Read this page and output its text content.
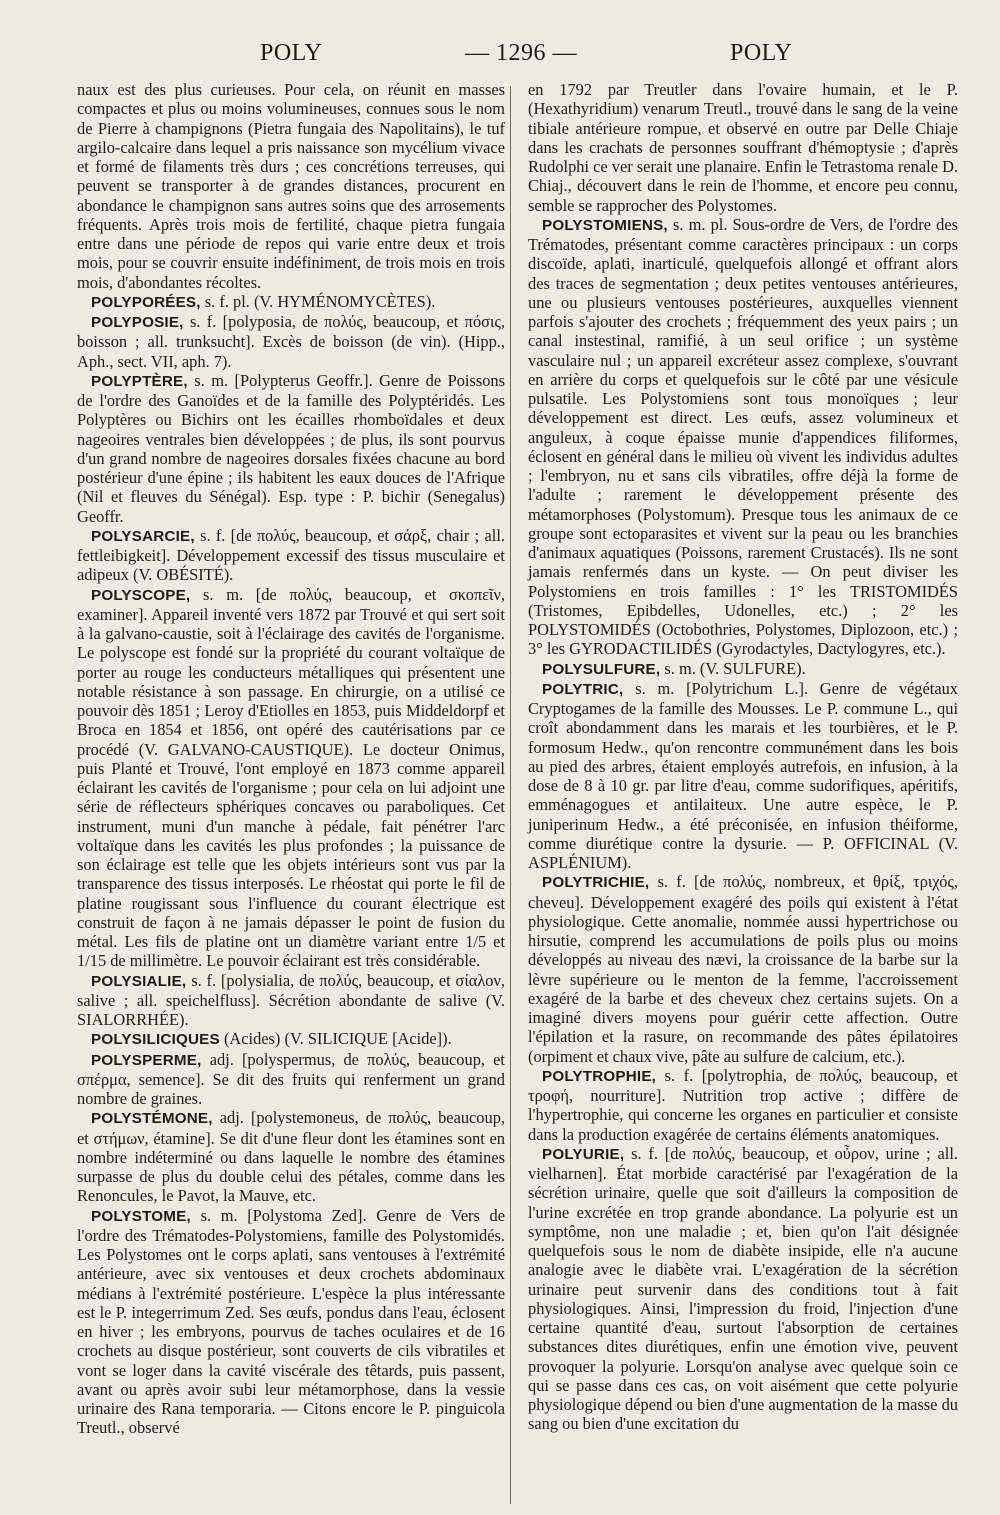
POLY	— 1296 —	POLY

naux est des plus curieuses. Pour cela, on réunit en masses compactes et plus ou moins volumineuses, connues sous le nom de Pierre à champignons (Pietra fungaia des Napolitains), le tuf argilo-calcaire dans lequel a pris naissance son mycélium vivace et formé de filaments très durs ; ces concrétions terreuses, qui peuvent se transporter à de grandes distances, procurent en abondance le champignon sans autres soins que des arrosements fréquents. Après trois mois de fertilité, chaque pietra fungaia entre dans une période de repos qui varie entre deux et trois mois, pour se couvrir ensuite indéfiniment, de trois mois en trois mois, d'abondantes récoltes.

POLYPORÉES, s. f. pl. (V. HYMÉNOMYCÈTES).

POLYPOSIE, s. f. [polyposia, de πολύς, beaucoup, et πόσις, boisson ; all. trunksucht]. Excès de boisson (de vin). (Hipp., Aph., sect. VII, aph. 7).

POLYPTÈRE, s. m. [Polypterus Geoffr.]. Genre de Poissons de l'ordre des Ganoïdes et de la famille des Polyptéridés. Les Polyptères ou Bichirs ont les écailles rhomboïdales et deux nageoires ventrales bien développées ; de plus, ils sont pourvus d'un grand nombre de nageoires dorsales fixées chacune au bord postérieur d'une épine ; ils habitent les eaux douces de l'Afrique (Nil et fleuves du Sénégal). Esp. type : P. bichir (Senegalus) Geoffr.

POLYSARCIE, s. f. [de πολύς, beaucoup, et σάρξ, chair ; all. fettleibigkeit]. Développement excessif des tissus musculaire et adipeux (V. OBÉSITÉ).

POLYSCOPE, s. m. [de πολύς, beaucoup, et σκοπεῖν, examiner]. Appareil inventé vers 1872 par Trouvé et qui sert soit à la galvano-caustie, soit à l'éclairage des cavités de l'organisme. Le polyscope est fondé sur la propriété du courant voltaïque de porter au rouge les conducteurs métalliques qui présentent une notable résistance à son passage. En chirurgie, on a utilisé ce pouvoir dès 1851 ; Leroy d'Etiolles en 1853, puis Middeldorpf et Broca en 1854 et 1856, ont opéré des cautérisations par ce procédé (V. GALVANO-CAUSTIQUE). Le docteur Onimus, puis Planté et Trouvé, l'ont employé en 1873 comme appareil éclairant les cavités de l'organisme ; pour cela on lui adjoint une série de réflecteurs sphériques concaves ou paraboliques. Cet instrument, muni d'un manche à pédale, fait pénétrer l'arc voltaïque dans les cavités les plus profondes ; la puissance de son éclairage est telle que les objets intérieurs sont vus par la transparence des tissus interposés. Le rhéostat qui porte le fil de platine rougissant sous l'influence du courant électrique est construit de façon à ne jamais dépasser le point de fusion du métal. Les fils de platine ont un diamètre variant entre 1/5 et 1/15 de millimètre. Le pouvoir éclairant est très considérable.

POLYSIALIE, s. f. [polysialia, de πολύς, beaucoup, et σίαλον, salive ; all. speichelfluss]. Sécrétion abondante de salive (V. SIALORRHÉE).

POLYSILICIQUES (Acides) (V. SILICIQUE [Acide]).

POLYSPERME, adj. [polyspermus, de πολύς, beaucoup, et σπέρμα, semence]. Se dit des fruits qui renferment un grand nombre de graines.

POLYSTÉMONE, adj. [polystemoneus, de πολύς, beaucoup, et στήμων, étamine]. Se dit d'une fleur dont les étamines sont en nombre indéterminé ou dans laquelle le nombre des étamines surpasse de plus du double celui des pétales, comme dans les Renoncules, le Pavot, la Mauve, etc.

POLYSTOME, s. m. [Polystoma Zed]. Genre de Vers de l'ordre des Trématodes-Polystomiens, famille des Polystomidés. Les Polystomes ont le corps aplati, sans ventouses à l'extrémité antérieure, avec six ventouses et deux crochets abdominaux médians à l'extrémité postérieure. L'espèce la plus intéressante est le P. integerrimum Zed. Ses œufs, pondus dans l'eau, éclosent en hiver ; les embryons, pourvus de taches oculaires et de 16 crochets au disque postérieur, sont couverts de cils vibratiles et vont se loger dans la cavité viscérale des têtards, puis passent, avant ou après avoir subi leur métamorphose, dans la vessie urinaire des Rana temporaria. — Citons encore le P. pinguicola Treutl., observé

en 1792 par Treutler dans l'ovaire humain, et le P. (Hexathyridium) venarum Treutl., trouvé dans le sang de la veine tibiale antérieure rompue, et observé en outre par Delle Chiaje dans les crachats de personnes souffrant d'hémoptysie ; d'après Rudolphi ce ver serait une planaire. Enfin le Tetrastoma renale D. Chiaj., découvert dans le rein de l'homme, et encore peu connu, semble se rapprocher des Polystomes.

POLYSTOMIENS, s. m. pl. Sous-ordre de Vers, de l'ordre des Trématodes, présentant comme caractères principaux : un corps discoïde, aplati, inarticulé, quelquefois allongé et offrant alors des traces de segmentation ; deux petites ventouses antérieures, une ou plusieurs ventouses postérieures, auxquelles viennent parfois s'ajouter des crochets ; fréquemment des yeux pairs ; un canal instestinal, ramifié, à un seul orifice ; un système vasculaire nul ; un appareil excréteur assez complexe, s'ouvrant en arrière du corps et quelquefois sur le côté par une vésicule pulsatile. Les Polystomiens sont tous monoïques ; leur développement est direct. Les œufs, assez volumineux et anguleux, à coque épaisse munie d'appendices filiformes, éclosent en général dans le milieu où vivent les individus adultes ; l'embryon, nu et sans cils vibratiles, offre déjà la forme de l'adulte ; rarement le développement présente des métamorphoses (Polystomum). Presque tous les animaux de ce groupe sont ectoparasites et vivent sur la peau ou les branchies d'animaux aquatiques (Poissons, rarement Crustacés). Ils ne sont jamais renfermés dans un kyste. — On peut diviser les Polystomiens en trois familles : 1° les TRISTOMIDÉS (Tristomes, Epibdelles, Udonelles, etc.) ; 2° les POLYSTOMIDÉS (Octobothries, Polystomes, Diplozoon, etc.) ; 3° les GYRODACTILIDÉS (Gyrodactyles, Dactylogyres, etc.).

POLYSULFURE, s. m. (V. SULFURE).

POLYTRIC, s. m. [Polytrichum L.]. Genre de végétaux Cryptogames de la famille des Mousses. Le P. commune L., qui croît abondamment dans les marais et les tourbières, et le P. formosum Hedw., qu'on rencontre communément dans les bois au pied des arbres, étaient employés autrefois, en infusion, à la dose de 8 à 10 gr. par litre d'eau, comme sudorifiques, apéritifs, emménagogues et antilaiteux. Une autre espèce, le P. juniperinum Hedw., a été préconisée, en infusion théiforme, comme diurétique contre la dysurie. — P. OFFICINAL (V. ASPLÉNIUM).

POLYTRICHIE, s. f. [de πολύς, nombreux, et θρίξ, τριχός, cheveu]. Développement exagéré des poils qui existent à l'état physiologique. Cette anomalie, nommée aussi hypertrichose ou hirsutie, comprend les accumulations de poils plus ou moins développés au niveau des nævi, la croissance de la barbe sur la lèvre supérieure ou le menton de la femme, l'accroissement exagéré de la barbe et des cheveux chez certains sujets. On a imaginé divers moyens pour guérir cette affection. Outre l'épilation et la rasure, on recommande des pâtes épilatoires (orpiment et chaux vive, pâte au sulfure de calcium, etc.).

POLYTROPHIE, s. f. [polytrophia, de πολύς, beaucoup, et τροφή, nourriture]. Nutrition trop active ; diffère de l'hypertrophie, qui concerne les organes en particulier et consiste dans la production exagérée de certains éléments anatomiques.

POLYURIE, s. f. [de πολύς, beaucoup, et οὖρον, urine ; all. vielharnen]. État morbide caractérisé par l'exagération de la sécrétion urinaire, quelle que soit d'ailleurs la composition de l'urine excrétée en trop grande abondance. La polyurie est un symptôme, non une maladie ; et, bien qu'on l'ait désignée quelquefois sous le nom de diabète insipide, elle n'a aucune analogie avec le diabète vrai. L'exagération de la sécrétion urinaire peut survenir dans des conditions tout à fait physiologiques. Ainsi, l'impression du froid, l'injection d'une certaine quantité d'eau, surtout l'absorption de certaines substances dites diurétiques, enfin une émotion vive, peuvent provoquer la polyurie. Lorsqu'on analyse avec quelque soin ce qui se passe dans ces cas, on voit aisément que cette polyurie physiologique dépend ou bien d'une augmentation de la masse du sang ou bien d'une excitation du
